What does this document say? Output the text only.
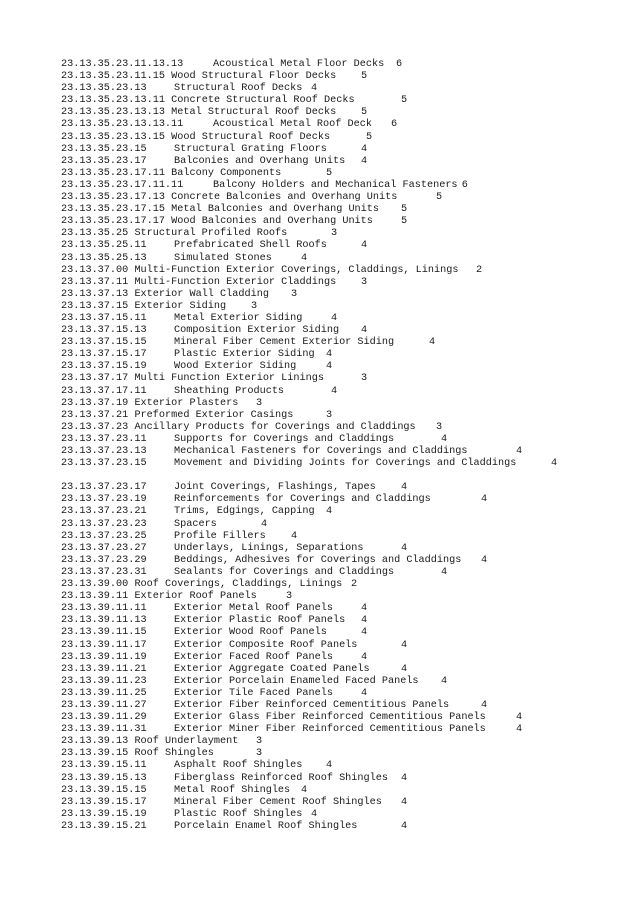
23.13.35.23.11.13.13	Acoustical Metal Floor Decks 6
23.13.35.23.11.15 Wood Structural Floor Decks 5
23.13.35.23.13	Structural Roof Decks 4
23.13.35.23.13.11 Concrete Structural Roof Decks	5
23.13.35.23.13.13 Metal Structural Roof Decks 5
23.13.35.23.13.13.11	Acoustical Metal Roof Deck 6
23.13.35.23.13.15 Wood Structural Roof Decks	5
23.13.35.23.15	Structural Grating Floors	4
23.13.35.23.17	Balconies and Overhang Units 4
23.13.35.23.17.11 Balcony Components	5
23.13.35.23.17.11.11	Balcony Holders and Mechanical Fasteners 6
23.13.35.23.17.13 Concrete Balconies and Overhang Units	5
23.13.35.23.17.15 Metal Balconies and Overhang Units 5
23.13.35.23.17.17 Wood Balconies and Overhang Units	5
23.13.35.25 Structural Profiled Roofs	3
23.13.35.25.11	Prefabricated Shell Roofs	4
23.13.35.25.13	Simulated Stones	4
23.13.37.00 Multi-Function Exterior Coverings, Claddings, Linings 2
23.13.37.11 Multi-Function Exterior Claddings 3
23.13.37.13 Exterior Wall Cladding 3
23.13.37.15 Exterior Siding 3
23.13.37.15.11	Metal Exterior Siding	4
23.13.37.15.13	Composition Exterior Siding 4
23.13.37.15.15	Mineral Fiber Cement Exterior Siding	4
23.13.37.15.17	Plastic Exterior Siding 4
23.13.37.15.19	Wood Exterior Siding	4
23.13.37.17 Multi Function Exterior Linings	3
23.13.37.17.11	Sheathing Products	4
23.13.37.19 Exterior Plasters 3
23.13.37.21 Preformed Exterior Casings	3
23.13.37.23 Ancillary Products for Coverings and Claddings 3
23.13.37.23.11	Supports for Coverings and Claddings	4
23.13.37.23.13	Mechanical Fasteners for Coverings and Claddings	4
23.13.37.23.15	Movement and Dividing Joints for Coverings and Claddings	4
23.13.37.23.17	Joint Coverings, Flashings, Tapes 4
23.13.37.23.19	Reinforcements for Coverings and Claddings	4
23.13.37.23.21	Trims, Edgings, Capping 4
23.13.37.23.23	Spacers	4
23.13.37.23.25	Profile Fillers 4
23.13.37.23.27	Underlays, Linings, Separations	4
23.13.37.23.29	Beddings, Adhesives for Coverings and Claddings 4
23.13.37.23.31	Sealants for Coverings and Claddings	4
23.13.39.00 Roof Coverings, Claddings, Linings 2
23.13.39.11 Exterior Roof Panels	3
23.13.39.11.11	Exterior Metal Roof Panels	4
23.13.39.11.13	Exterior Plastic Roof Panels 4
23.13.39.11.15	Exterior Wood Roof Panels	4
23.13.39.11.17	Exterior Composite Roof Panels	4
23.13.39.11.19	Exterior Faced Roof Panels	4
23.13.39.11.21	Exterior Aggregate Coated Panels	4
23.13.39.11.23	Exterior Porcelain Enameled Faced Panels 4
23.13.39.11.25	Exterior Tile Faced Panels	4
23.13.39.11.27	Exterior Fiber Reinforced Cementitious Panels	4
23.13.39.11.29	Exterior Glass Fiber Reinforced Cementitious Panels	4
23.13.39.11.31	Exterior Miner Fiber Reinforced Cementitious Panels	4
23.13.39.13 Roof Underlayment 3
23.13.39.15 Roof Shingles	3
23.13.39.15.11	Asphalt Roof Shingles 4
23.13.39.15.13	Fiberglass Reinforced Roof Shingles 4
23.13.39.15.15	Metal Roof Shingles 4
23.13.39.15.17	Mineral Fiber Cement Roof Shingles 4
23.13.39.15.19	Plastic Roof Shingles 4
23.13.39.15.21	Porcelain Enamel Roof Shingles	4
